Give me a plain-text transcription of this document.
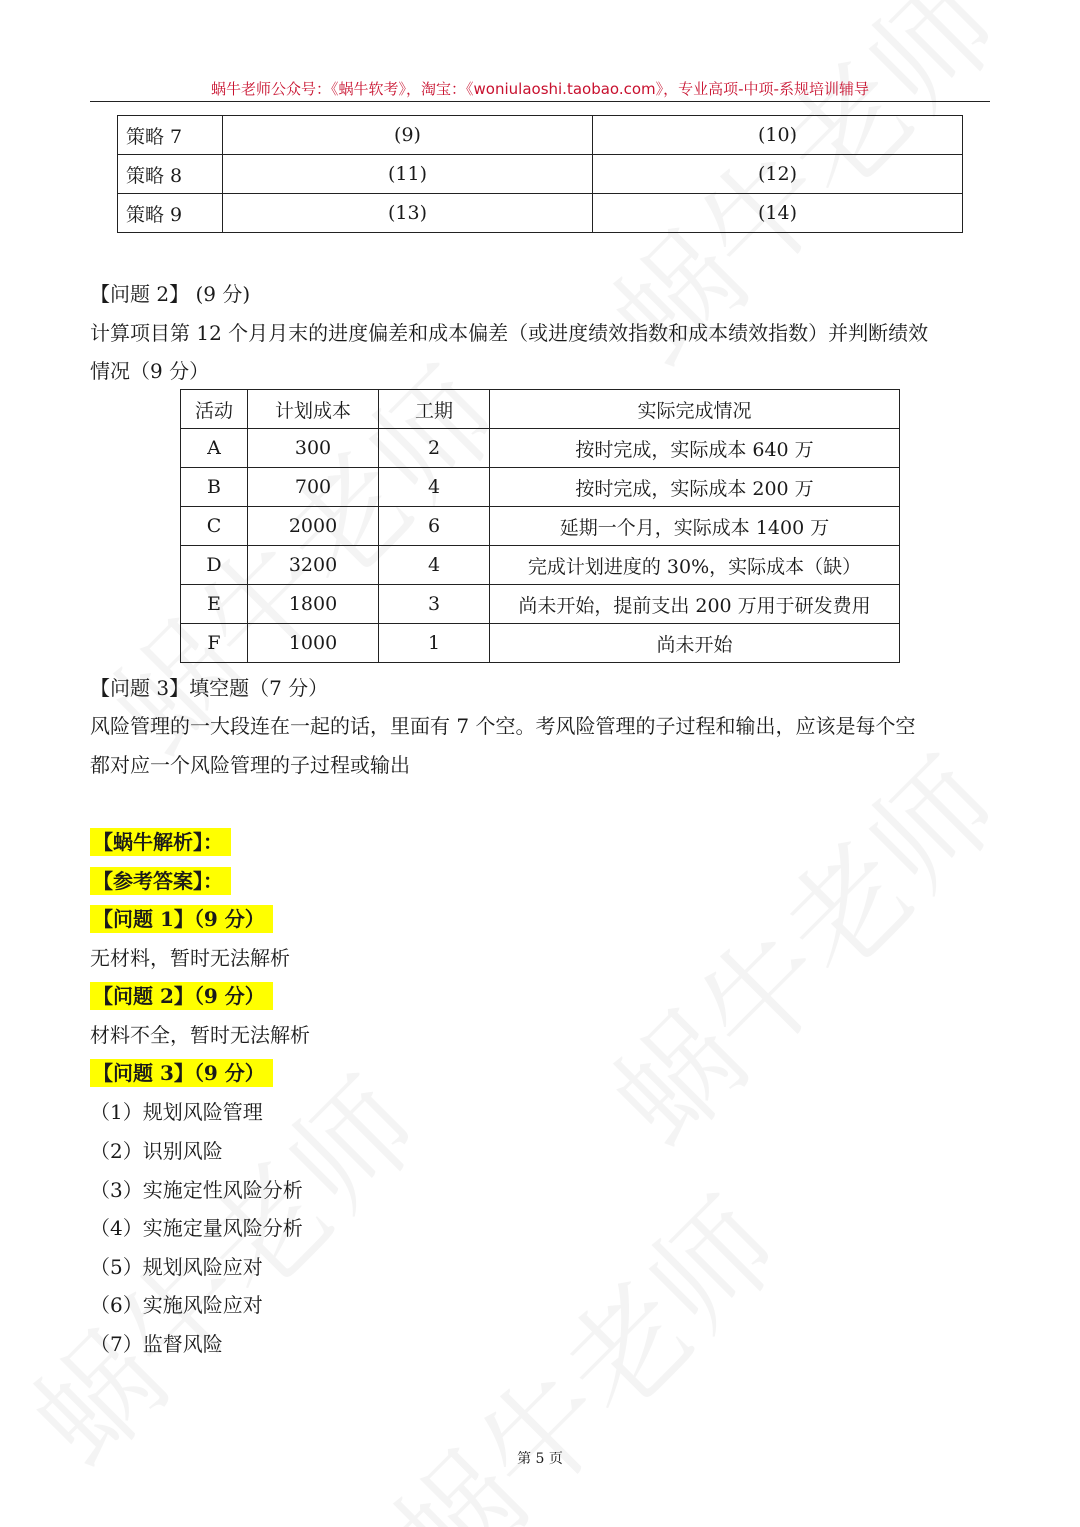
蜗牛老师公众号：《蜗牛软考》，淘宝：《woniulaoshi.taobao.com》，专业高项-中项-系规培训辅导
策略 7	(9)	(10)
策略 8	(11)	(12)
策略 9	(13)	(14)
【问题 2】 (9 分)
计算项目第 12 个月月末的进度偏差和成本偏差（或进度绩效指数和成本绩效指数）并判断绩效
情况（9 分）
活动	计划成本	工期	实际完成情况
A	300	2	按时完成，实际成本 640 万
B	700	4	按时完成，实际成本 200 万
C	2000	6	延期一个月，实际成本 1400 万
D	3200	4	完成计划进度的 30%，实际成本（缺）
E	1800	3	尚未开始，提前支出 200 万用于研发费用
F	1000	1	尚未开始
【问题 3】填空题（7 分）
风险管理的一大段连在一起的话，里面有 7 个空。考风险管理的子过程和输出，应该是每个空
都对应一个风险管理的子过程或输出
【蜗牛解析】：
【参考答案】：
【问题 1】（9 分）
无材料，暂时无法解析
【问题 2】（9 分）
材料不全，暂时无法解析
【问题 3】（9 分）
（1）规划风险管理
（2）识别风险
（3）实施定性风险分析
（4）实施定量风险分析
（5）规划风险应对
（6）实施风险应对
（7）监督风险
第 5 页
